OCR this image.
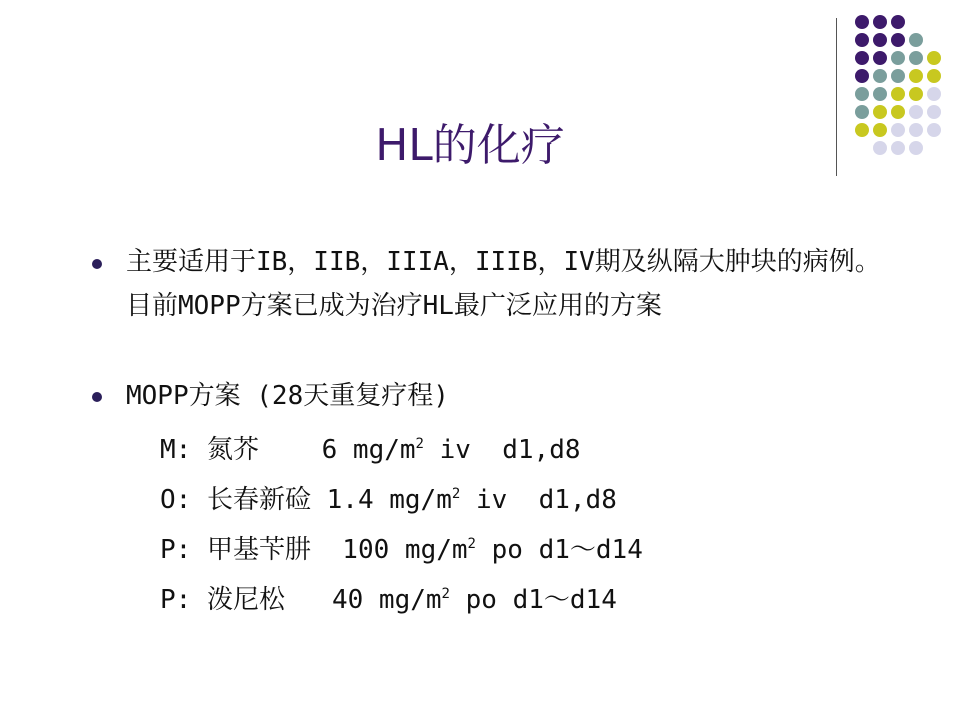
HL的化疗

主要适用于IB，IIB，IIIA，IIIB，IV期及纵隔大肿块的病例。目前MOPP方案已成为治疗HL最广泛应用的方案

MOPP方案 (28天重复疗程)

M: 氮芥 6 $mg/m^2$ iv  d1,d8
O: 长春新硷 1.4 $mg/m^2$ iv  d1,d8
P: 甲基苄肼 100 $mg/m^2$ po d1～d14
P: 泼尼松 40 $mg/m^2$ po d1～d14
